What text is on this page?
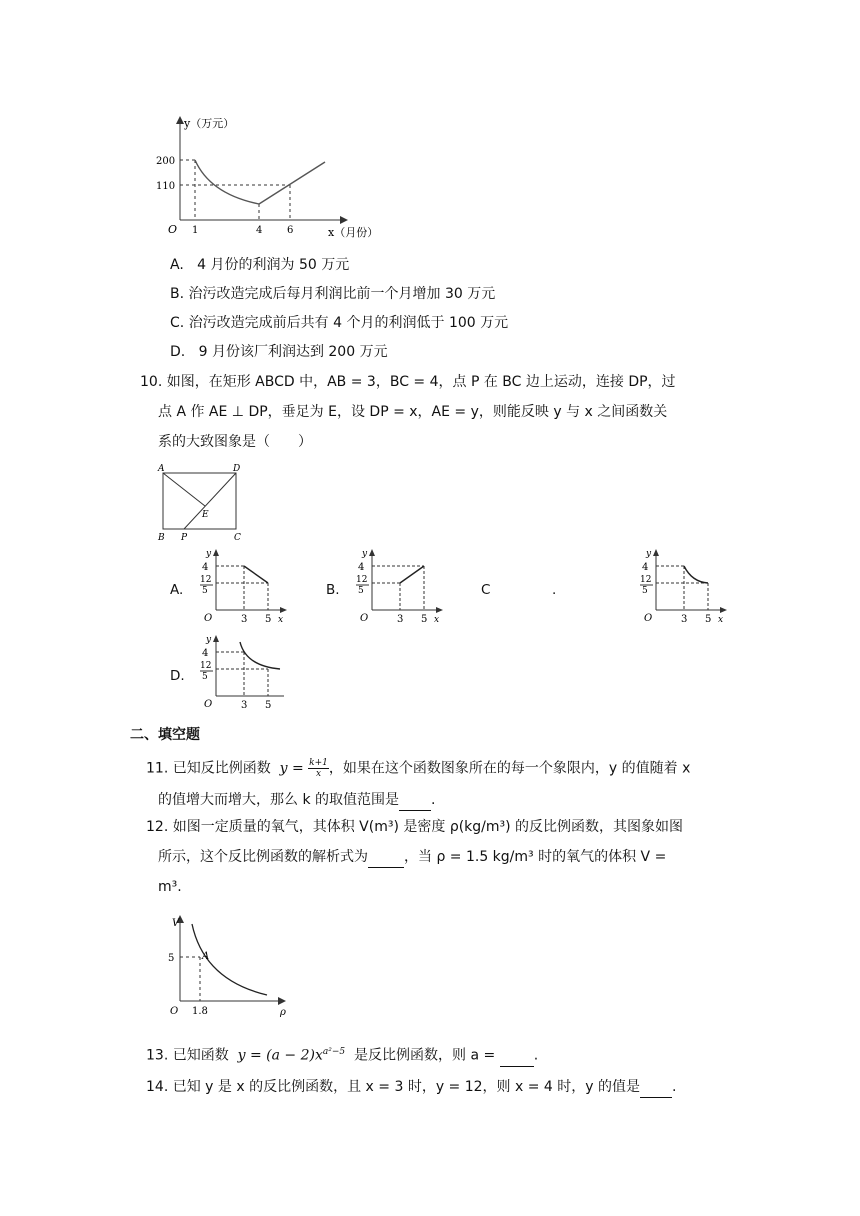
y（万元）
x（月份）
O
200
110
1	4 6
A. 4 月份的利润为 50 万元
B. 治污改造完成后每月利润比前一个月增加 30 万元
C. 治污改造完成前后共有 4 个月的利润低于 100 万元
D. 9 月份该厂利润达到 200 万元
10. 如图，在矩形 ABCD 中，AB = 3，BC = 4，点 P 在 BC 边上运动，连接 DP，过
点 A 作 AE ⊥ DP，垂足为 E，设 DP = x，AE = y，则能反映 y 与 x 之间函数关
系的大致图象是（　　）
A	D
E
B P	C
A.	B.	C	.
D.
y
4
12
5
O	3 5 x
y
4
12
5
O	3 5 x
y
4
12
5
O	3 5 x
y
4
12
5
O	3 5
二、填空题
11. 已知反比例函数 $y = \frac{k+1}{x}$ ，如果在这个函数图象所在的每一个象限内，y 的值随着 x
的值增大而增大，那么 k 的取值范围是 .
12. 如图一定质量的氧气，其体积 V(m³) 是密度 ρ(kg/m³) 的反比例函数，其图象如图
所示，这个反比例函数的解析式为	，当 ρ = 1.5 kg/m³ 时的氧气的体积 V =
m³.
V
5	A
O 1.8	ρ
13. 已知函数 $y = (a - 2)x^{a^2-5}$ 是反比例函数，则 a =	.
14. 已知 y 是 x 的反比例函数，且 x = 3 时，y = 12，则 x = 4 时，y 的值是 .
